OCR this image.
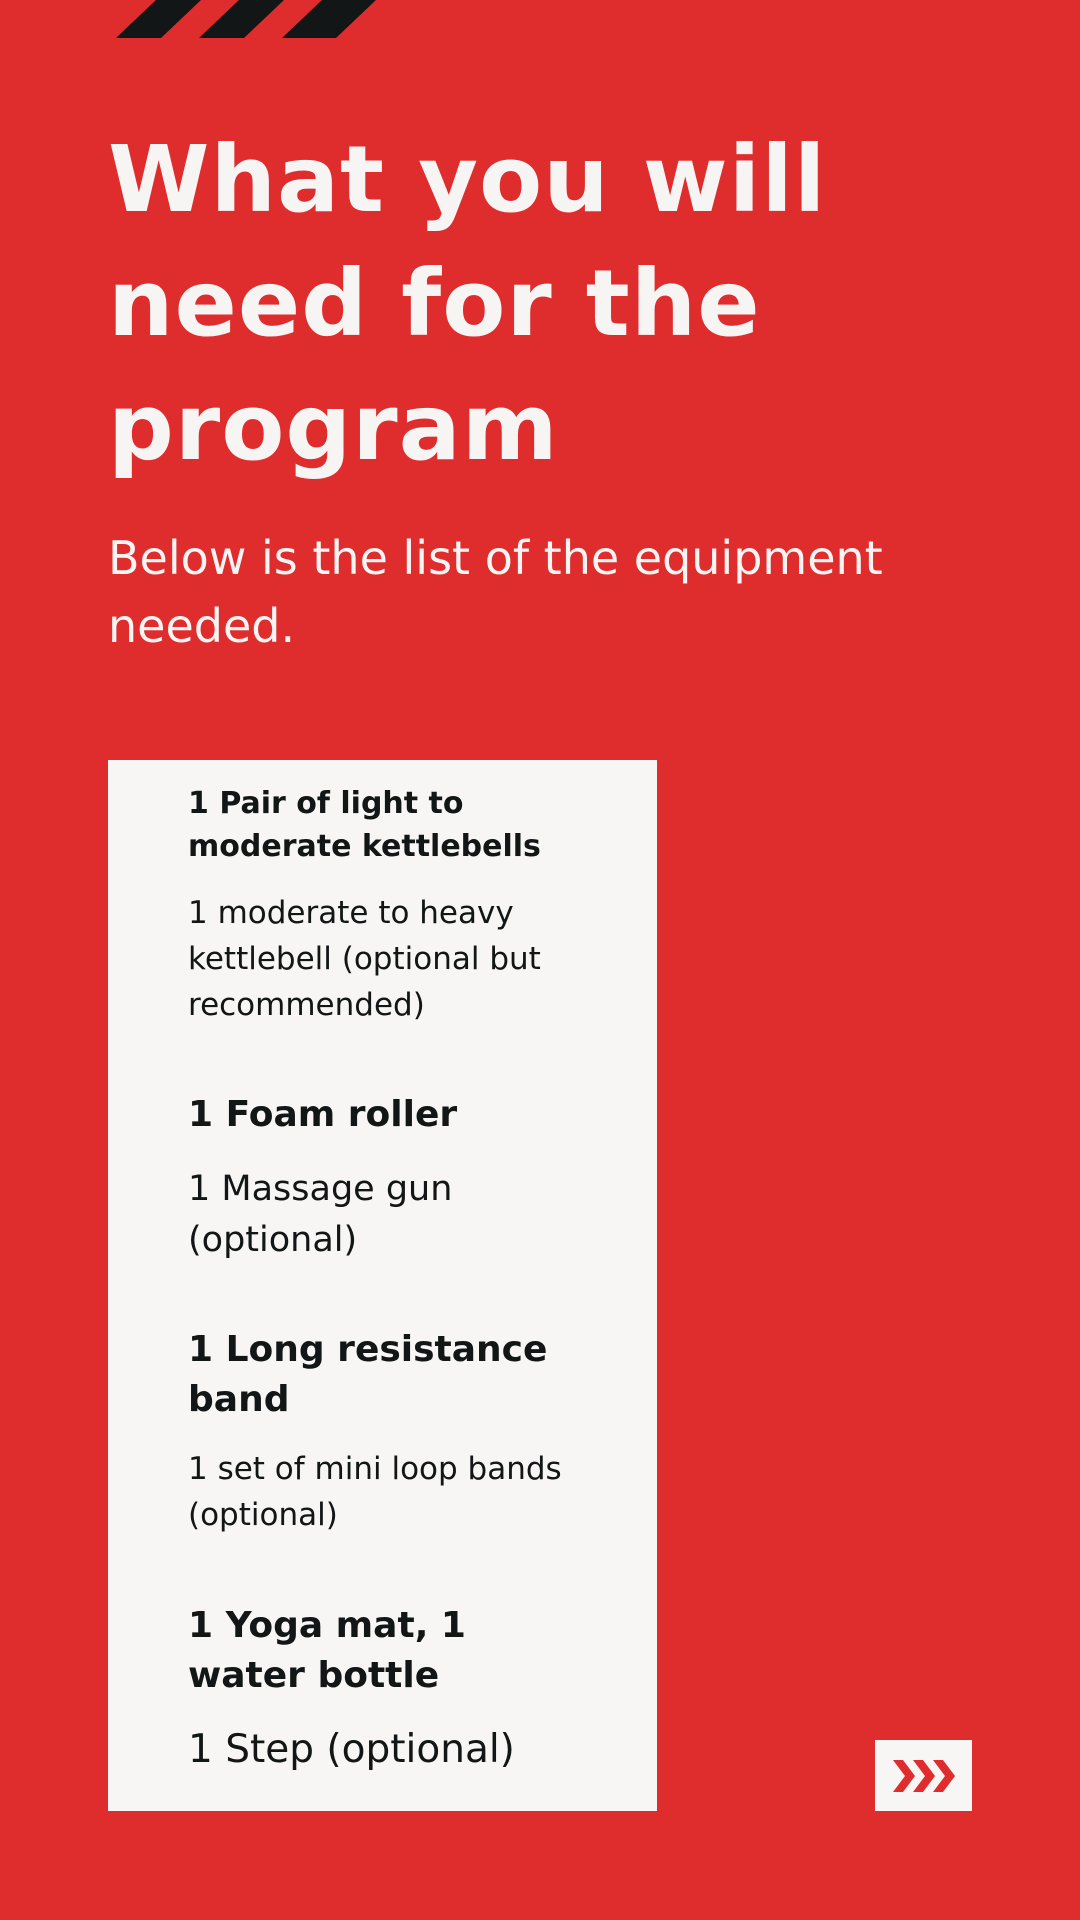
What you will need for the program

Below is the list of the equipment needed.

1 Pair of light to moderate kettlebells

1 moderate to heavy kettlebell (optional but recommended)

1 Foam roller

1 Massage gun (optional)

1 Long resistance band

1 set of mini loop bands (optional)

1 Yoga mat, 1 water bottle

1 Step (optional)
